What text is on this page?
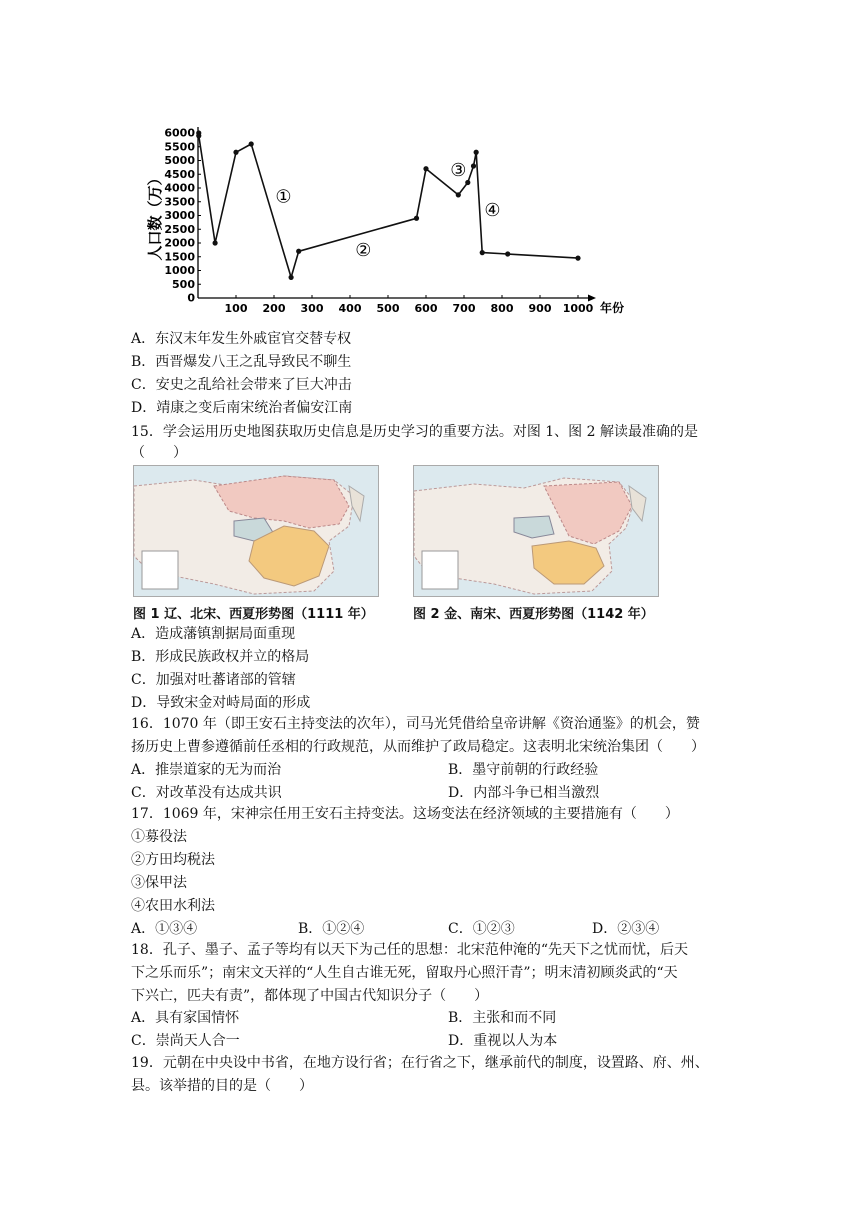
0
500
1000
1500
2000
2500
3000
3500
4000
4500
5000
5500
6000
人口数（万）
100 200 300 400 500 600 700 800 900 1000 年份
①
②
③
④
A．东汉末年发生外戚宦官交替专权
B．西晋爆发八王之乱导致民不聊生
C．安史之乱给社会带来了巨大冲击
D．靖康之变后南宋统治者偏安江南
15．学会运用历史地图获取历史信息是历史学习的重要方法。对图 1、图 2 解读最准确的是
（　　）
图 1 辽、北宋、西夏形势图（1111 年）	图 2 金、南宋、西夏形势图（1142 年）
A．造成藩镇割据局面重现
B．形成民族政权并立的格局
C．加强对吐蕃诸部的管辖
D．导致宋金对峙局面的形成
16．1070 年（即王安石主持变法的次年），司马光凭借给皇帝讲解《资治通鉴》的机会，赞
扬历史上曹参遵循前任丞相的行政规范，从而维护了政局稳定。这表明北宋统治集团（　　）
A．推崇道家的无为而治	B．墨守前朝的行政经验
C．对改革没有达成共识	D．内部斗争已相当激烈
17．1069 年，宋神宗任用王安石主持变法。这场变法在经济领域的主要措施有（　　）
①募役法
②方田均税法
③保甲法
④农田水利法
A．①③④	B．①②④	C．①②③	D．②③④
18．孔子、墨子、孟子等均有以天下为己任的思想：北宋范仲淹的“先天下之忧而忧，后天
下之乐而乐”；南宋文天祥的“人生自古谁无死，留取丹心照汗青”；明末清初顾炎武的“天
下兴亡，匹夫有责”，都体现了中国古代知识分子（　　）
A．具有家国情怀	B．主张和而不同
C．崇尚天人合一	D．重视以人为本
19．元朝在中央设中书省，在地方设行省；在行省之下，继承前代的制度，设置路、府、州、
县。该举措的目的是（　　）
